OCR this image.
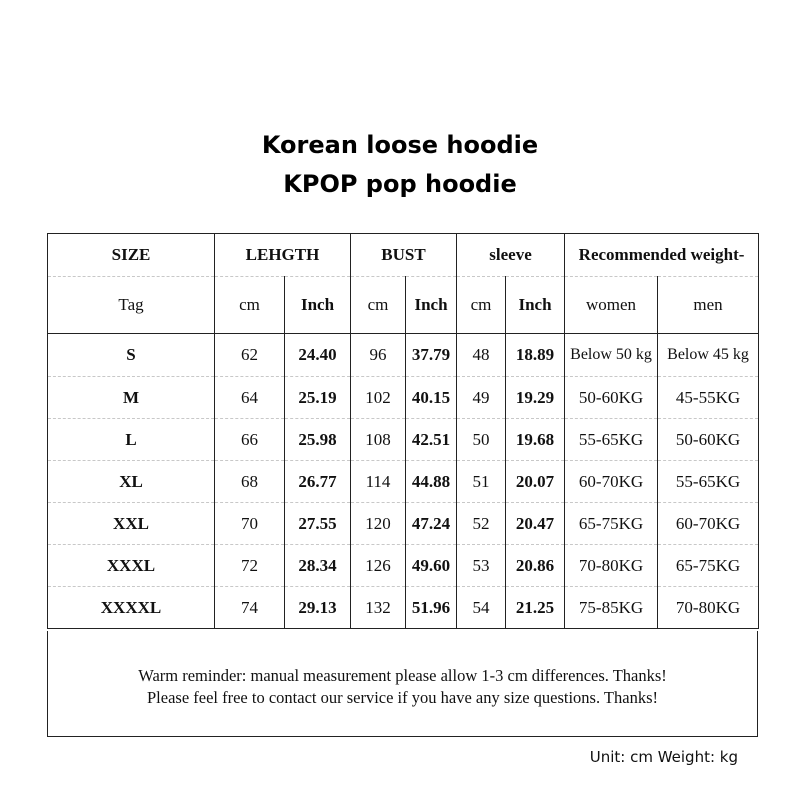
Korean loose hoodie
KPOP pop hoodie
SIZE	LEHGTH		BUST		sleeve		Recommended weight-	
Tag	cm	Inch	cm	Inch	cm	Inch	women	men
S	62	24.40	96	37.79	48	18.89	Below 50 kg	Below 45 kg
M	64	25.19	102	40.15	49	19.29	50-60KG	45-55KG
L	66	25.98	108	42.51	50	19.68	55-65KG	50-60KG
XL	68	26.77	114	44.88	51	20.07	60-70KG	55-65KG
XXL	70	27.55	120	47.24	52	20.47	65-75KG	60-70KG
XXXL	72	28.34	126	49.60	53	20.86	70-80KG	65-75KG
XXXXL	74	29.13	132	51.96	54	21.25	75-85KG	70-80KG
Warm reminder: manual measurement please allow 1-3 cm differences. Thanks!
Please feel free to contact our service if you have any size questions. Thanks!
Unit: cm Weight: kg
